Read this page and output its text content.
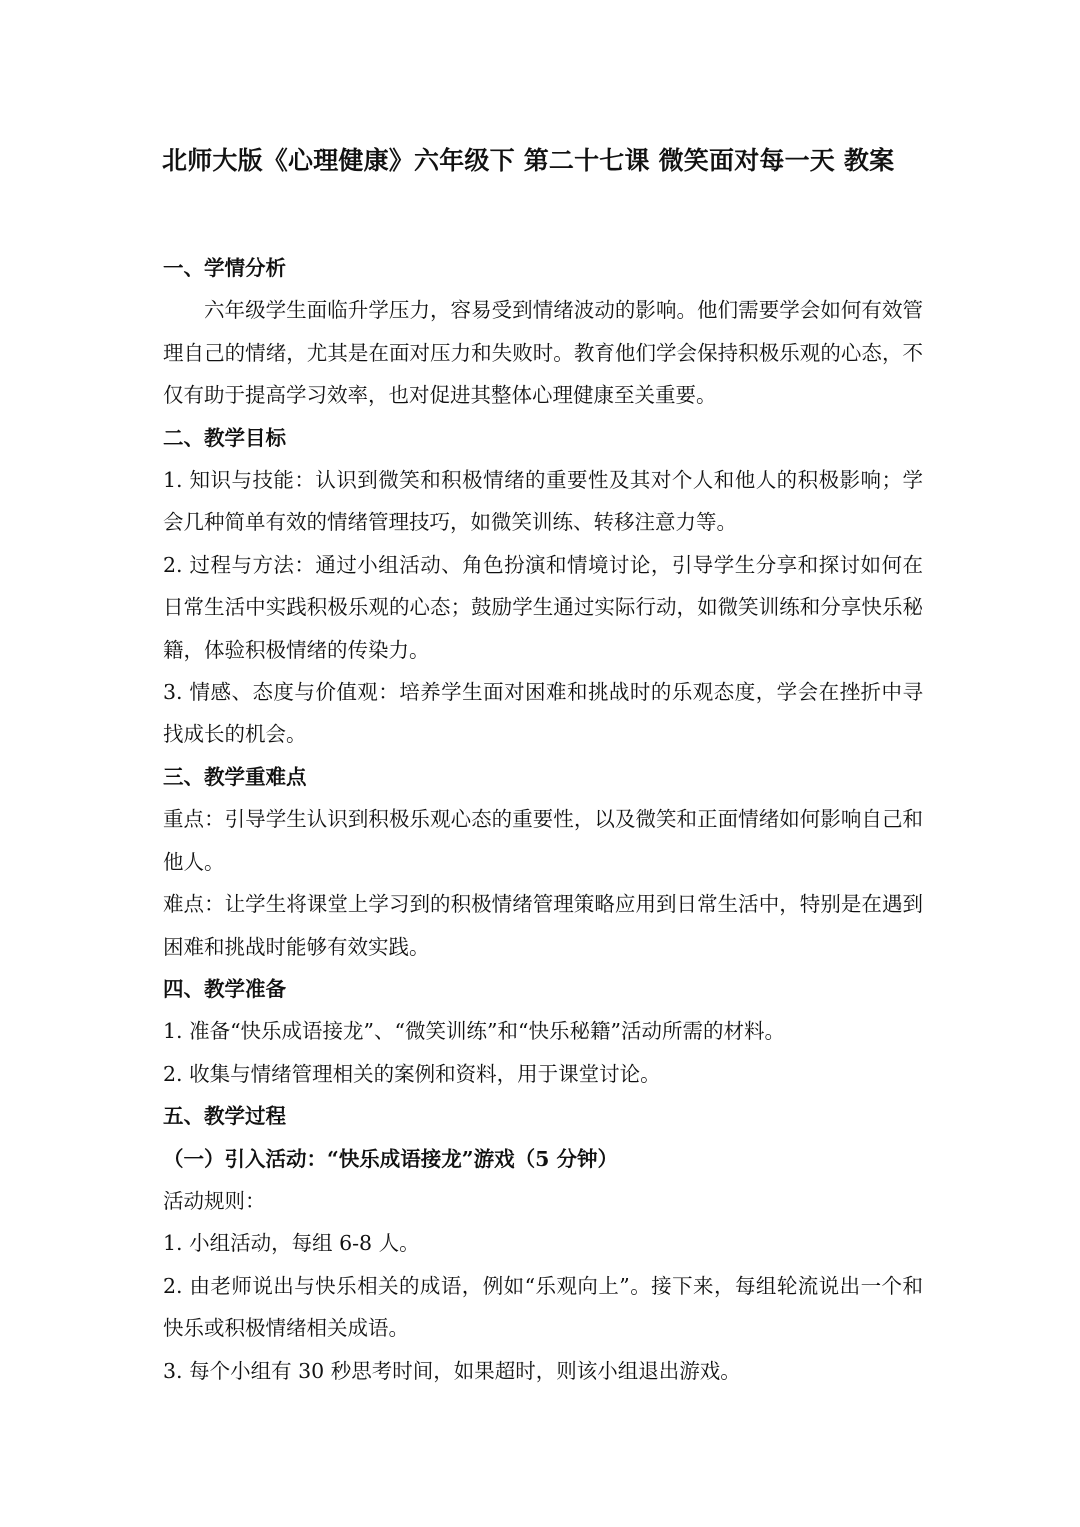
北师大版《心理健康》六年级下 第二十七课 微笑面对每一天 教案

一、学情分析

六年级学生面临升学压力，容易受到情绪波动的影响。他们需要学会如何有效管理自己的情绪，尤其是在面对压力和失败时。教育他们学会保持积极乐观的心态，不仅有助于提高学习效率，也对促进其整体心理健康至关重要。

二、教学目标

1. 知识与技能：认识到微笑和积极情绪的重要性及其对个人和他人的积极影响；学会几种简单有效的情绪管理技巧，如微笑训练、转移注意力等。

2. 过程与方法：通过小组活动、角色扮演和情境讨论，引导学生分享和探讨如何在日常生活中实践积极乐观的心态；鼓励学生通过实际行动，如微笑训练和分享快乐秘籍，体验积极情绪的传染力。

3. 情感、态度与价值观：培养学生面对困难和挑战时的乐观态度，学会在挫折中寻找成长的机会。

三、教学重难点

重点：引导学生认识到积极乐观心态的重要性，以及微笑和正面情绪如何影响自己和他人。

难点：让学生将课堂上学习到的积极情绪管理策略应用到日常生活中，特别是在遇到困难和挑战时能够有效实践。

四、教学准备

1. 准备“快乐成语接龙”、“微笑训练”和“快乐秘籍”活动所需的材料。

2. 收集与情绪管理相关的案例和资料，用于课堂讨论。

五、教学过程

（一）引入活动：“快乐成语接龙”游戏（5 分钟）

活动规则：

1. 小组活动，每组 6-8 人。

2. 由老师说出与快乐相关的成语，例如“乐观向上”。接下来，每组轮流说出一个和快乐或积极情绪相关成语。

3. 每个小组有 30 秒思考时间，如果超时，则该小组退出游戏。
